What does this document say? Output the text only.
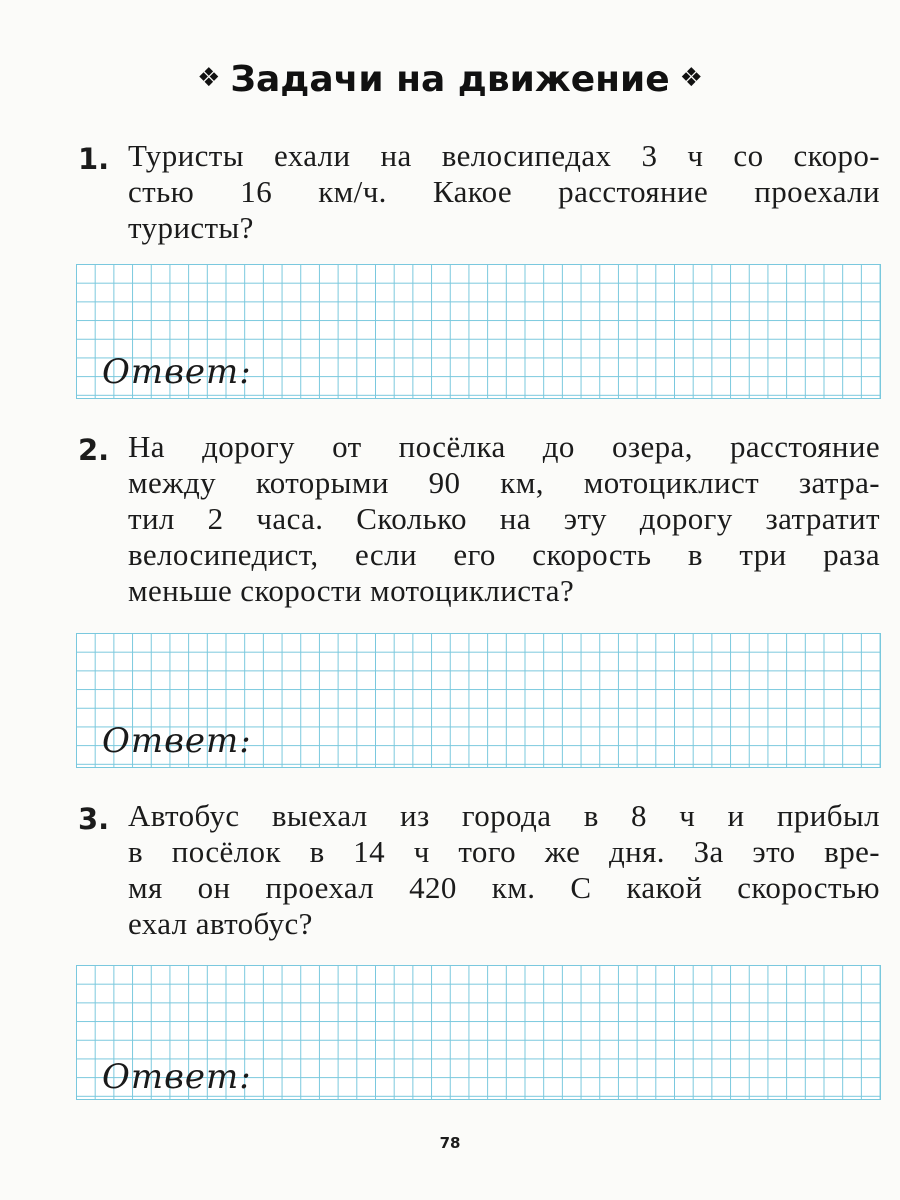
❖ Задачи на движение ❖
1. Туристы ехали на велосипедах 3 ч со скоро-
стью 16 км/ч. Какое расстояние проехали
туристы?
Ответ:
2. На дорогу от посёлка до озера, расстояние
между которыми 90 км, мотоциклист затра-
тил 2 часа. Сколько на эту дорогу затратит
велосипедист, если его скорость в три раза
меньше скорости мотоциклиста?
Ответ:
3. Автобус выехал из города в 8 ч и прибыл
в посёлок в 14 ч того же дня. За это вре-
мя он проехал 420 км. С какой скоростью
ехал автобус?
Ответ:
78
